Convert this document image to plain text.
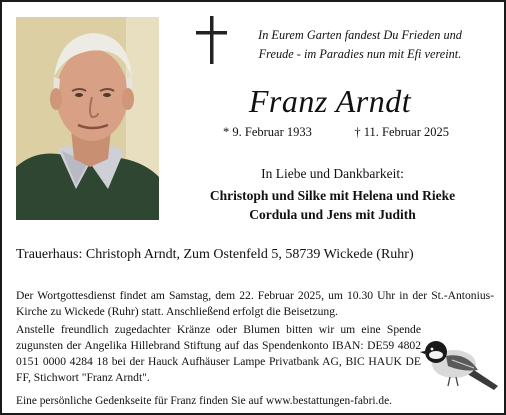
In Eurem Garten fandest Du Frieden und
Freude - im Paradies nun mit Efi vereint.
Franz Arndt
* 9. Februar 1933	† 11. Februar 2025
In Liebe und Dankbarkeit:
Christoph und Silke mit Helena und Rieke
Cordula und Jens mit Judith
Trauerhaus: Christoph Arndt, Zum Ostenfeld 5, 58739 Wickede (Ruhr)
Der Wortgottesdienst findet am Samstag, dem 22. Februar 2025, um 10.30 Uhr in der St.-Antonius-Kirche zu Wickede (Ruhr) statt. Anschließend erfolgt die Beisetzung.
Anstelle freundlich zugedachter Kränze oder Blumen bitten wir um eine Spende zugunsten der Angelika Hillebrand Stiftung auf das Spendenkonto IBAN: DE59 4802 0151 0000 4284 18 bei der Hauck Aufhäuser Lampe Privatbank AG, BIC HAUK DE FF, Stichwort "Franz Arndt".
Eine persönliche Gedenkseite für Franz finden Sie auf www.bestattungen-fabri.de.
